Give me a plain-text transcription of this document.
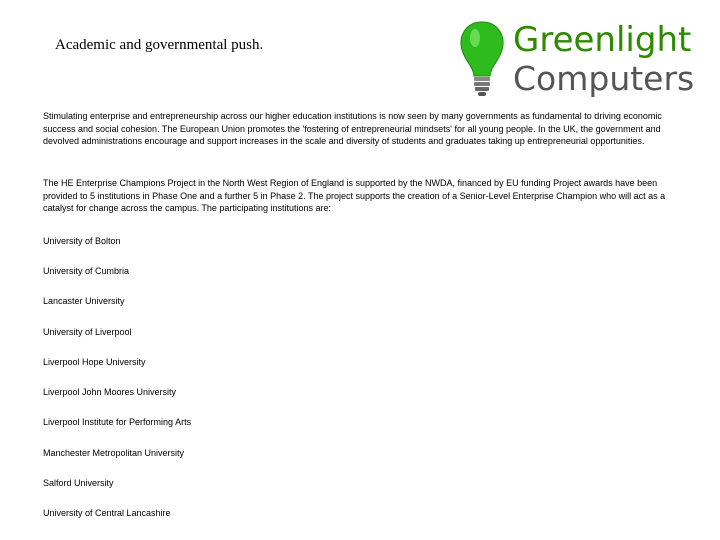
Academic and governmental push.	Greenlight
Computers

Stimulating enterprise and entrepreneurship across our higher education institutions is now seen by many governments as fundamental to driving economic success and social cohesion. The European Union promotes the 'fostering of entrepreneurial mindsets' for all young people. In the UK, the government and devolved administrations encourage and support increases in the scale and diversity of students and graduates taking up entrepreneurial opportunities.

The HE Enterprise Champions Project in the North West Region of England is supported by the NWDA, financed by EU funding Project awards have been provided to 5 institutions in Phase One and a further 5 in Phase 2. The project supports the creation of a Senior-Level Enterprise Champion who will act as a catalyst for change across the campus. The participating institutions are:

University of Bolton
University of Cumbria
Lancaster University
University of Liverpool
Liverpool Hope University
Liverpool John Moores University
Liverpool Institute for Performing Arts
Manchester Metropolitan University
Salford University
University of Central Lancashire
